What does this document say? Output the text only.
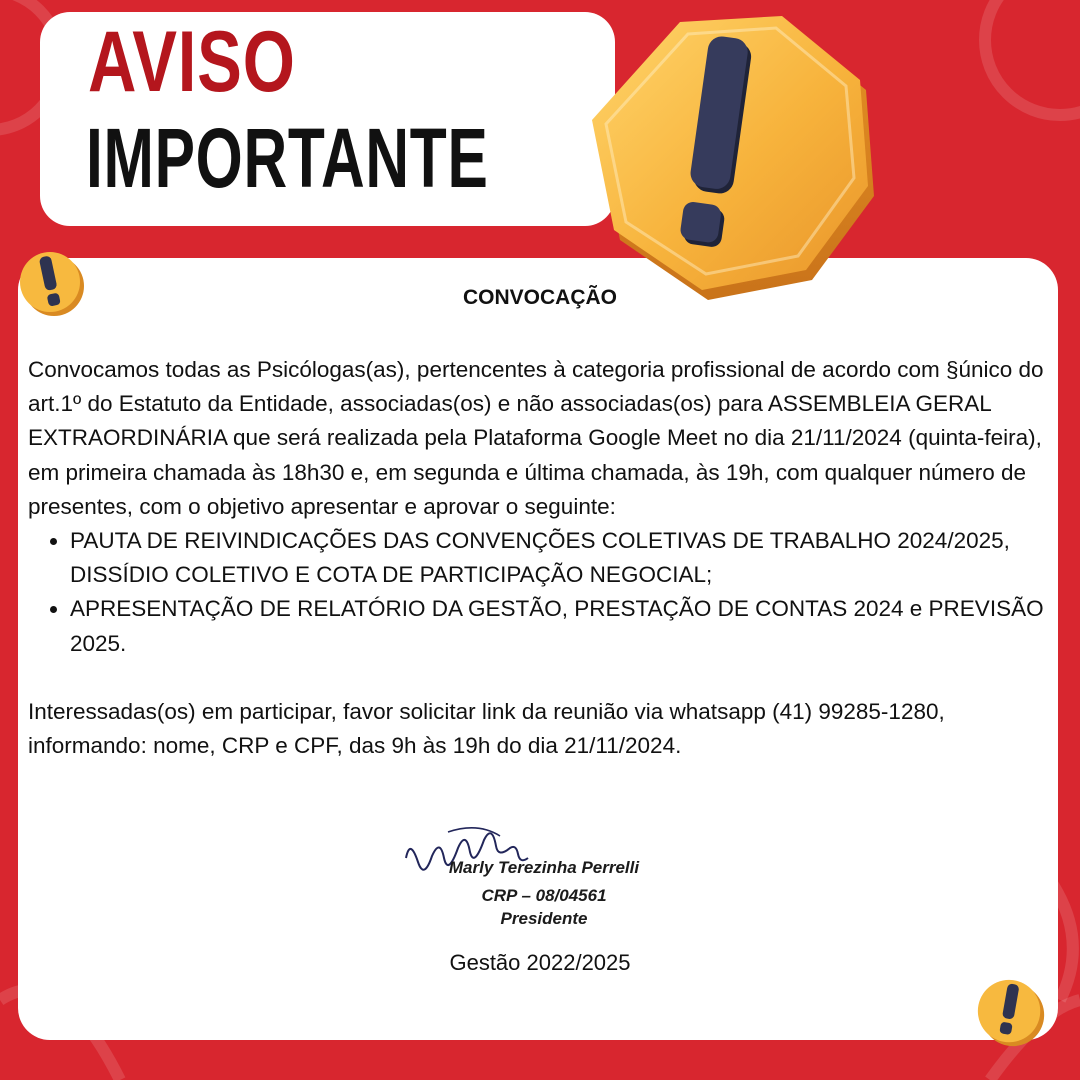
AVISO
IMPORTANTE
CONVOCAÇÃO

Convocamos todas as Psicólogas(as), pertencentes à categoria profissional de acordo com §único do art.1º do Estatuto da Entidade, associadas(os) e não associadas(os) para ASSEMBLEIA GERAL EXTRAORDINÁRIA que será realizada pela Plataforma Google Meet no dia 21/11/2024 (quinta-feira), em primeira chamada às 18h30 e, em segunda e última chamada, às 19h, com qualquer número de presentes, com o objetivo apresentar e aprovar o seguinte:

• PAUTA DE REIVINDICAÇÕES DAS CONVENÇÕES COLETIVAS DE TRABALHO 2024/2025, DISSÍDIO COLETIVO E COTA DE PARTICIPAÇÃO NEGOCIAL;
• APRESENTAÇÃO DE RELATÓRIO DA GESTÃO, PRESTAÇÃO DE CONTAS 2024 e PREVISÃO 2025.

Interessadas(os) em participar, favor solicitar link da reunião via whatsapp (41) 99285-1280, informando: nome, CRP e CPF, das 9h às 19h do dia 21/11/2024.

Marly Terezinha Perrelli
CRP – 08/04561
Presidente
Gestão 2022/2025
